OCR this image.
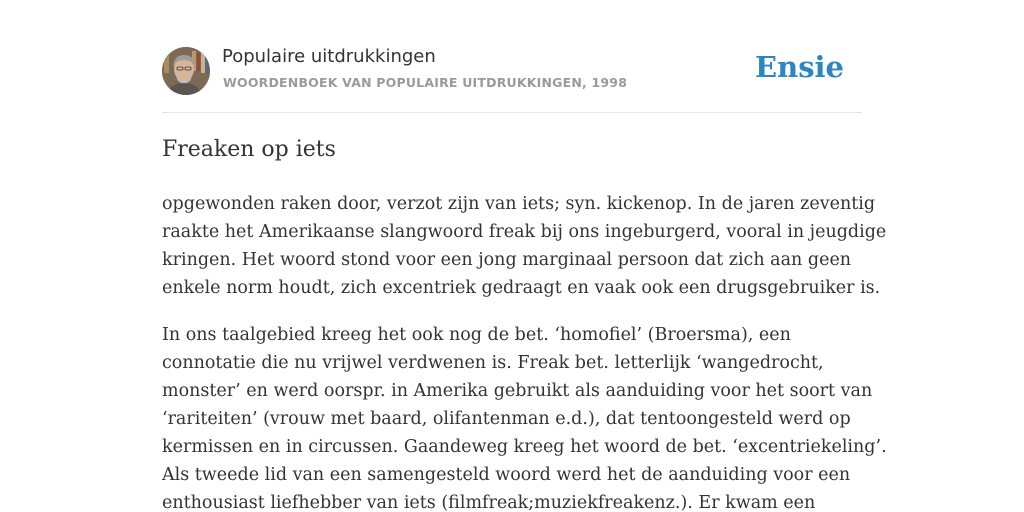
Populaire uitdrukkingen
WOORDENBOEK VAN POPULAIRE UITDRUKKINGEN, 1998	Ensie
Freaken op iets

opgewonden raken door, verzot zijn van iets; syn. kickenop. In de jaren zeventig
raakte het Amerikaanse slangwoord freak bij ons ingeburgerd, vooral in jeugdige
kringen. Het woord stond voor een jong marginaal persoon dat zich aan geen
enkele norm houdt, zich excentriek gedraagt en vaak ook een drugsgebruiker is.

In ons taalgebied kreeg het ook nog de bet. ‘homofiel’ (Broersma), een
connotatie die nu vrijwel verdwenen is. Freak bet. letterlijk ‘wangedrocht,
monster’ en werd oorspr. in Amerika gebruikt als aanduiding voor het soort van
‘rariteiten’ (vrouw met baard, olifantenman e.d.), dat tentoongesteld werd op
kermissen en in circussen. Gaandeweg kreeg het woord de bet. ‘excentriekeling’.
Als tweede lid van een samengesteld woord werd het de aanduiding voor een
enthousiast liefhebber van iets (filmfreak;muziekfreakenz.). Er kwam een
